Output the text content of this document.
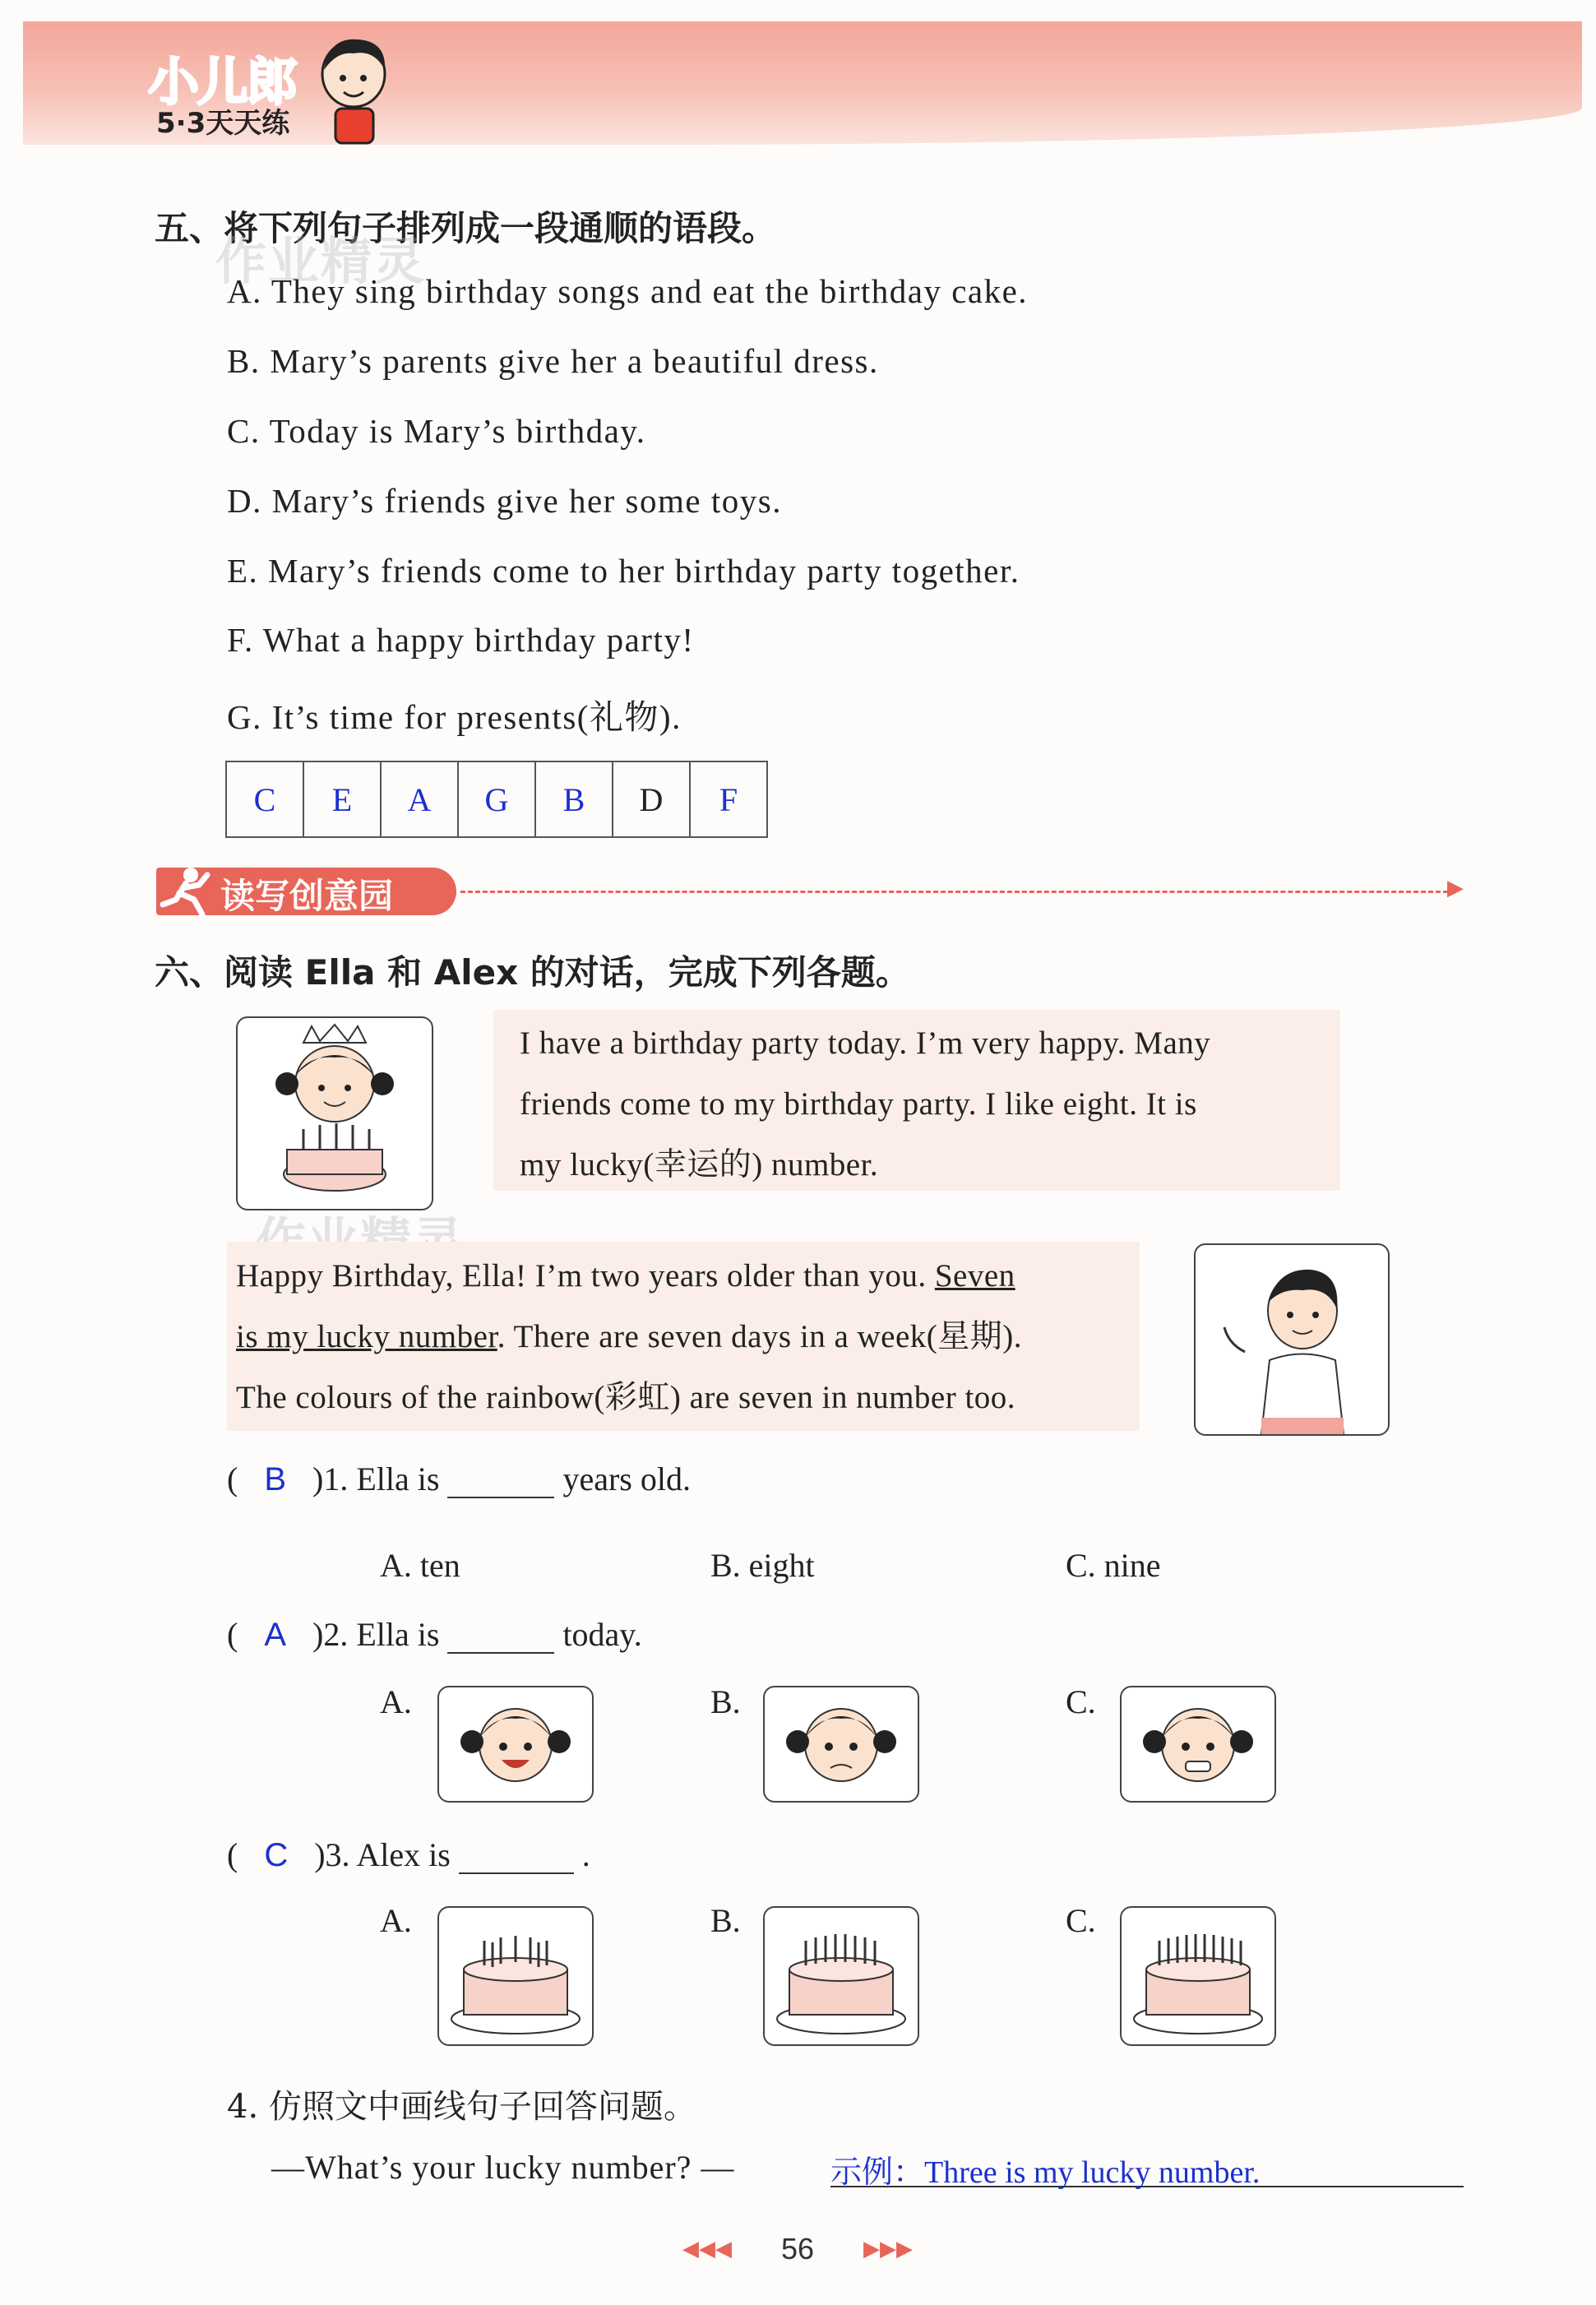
小儿郎
5·3天天练
五、将下列句子排列成一段通顺的语段。
作业精灵
A. They sing birthday songs and eat the birthday cake.
B. Mary’s parents give her a beautiful dress.
C. Today is Mary’s birthday.
D. Mary’s friends give her some toys.
E. Mary’s friends come to her birthday party together.
F. What a happy birthday party!
G. It’s time for presents(礼物).
C	E	A	G	B	D	F
读写创意园	▶
六、阅读 Ella 和 Alex 的对话，完成下列各题。
I have a birthday party today. I’m very happy. Many
friends come to my birthday party. I like eight. It is
my lucky(幸运的) number.
Happy Birthday, Ella! I’m two years older than you. Seven
is my lucky number. There are seven days in a week(星期).
The colours of the rainbow(彩虹) are seven in number too.
( B )1. Ella is	years old.
A. ten	B. eight	C. nine
( A )2. Ella is	today.
A.	B.	C.
( C )3. Alex is	.
A.	B.	C.
4. 仿照文中画线句子回答问题。
—What’s your lucky number? —	示例：Three is my lucky number.
◀◀◀ 56 ▶▶▶
